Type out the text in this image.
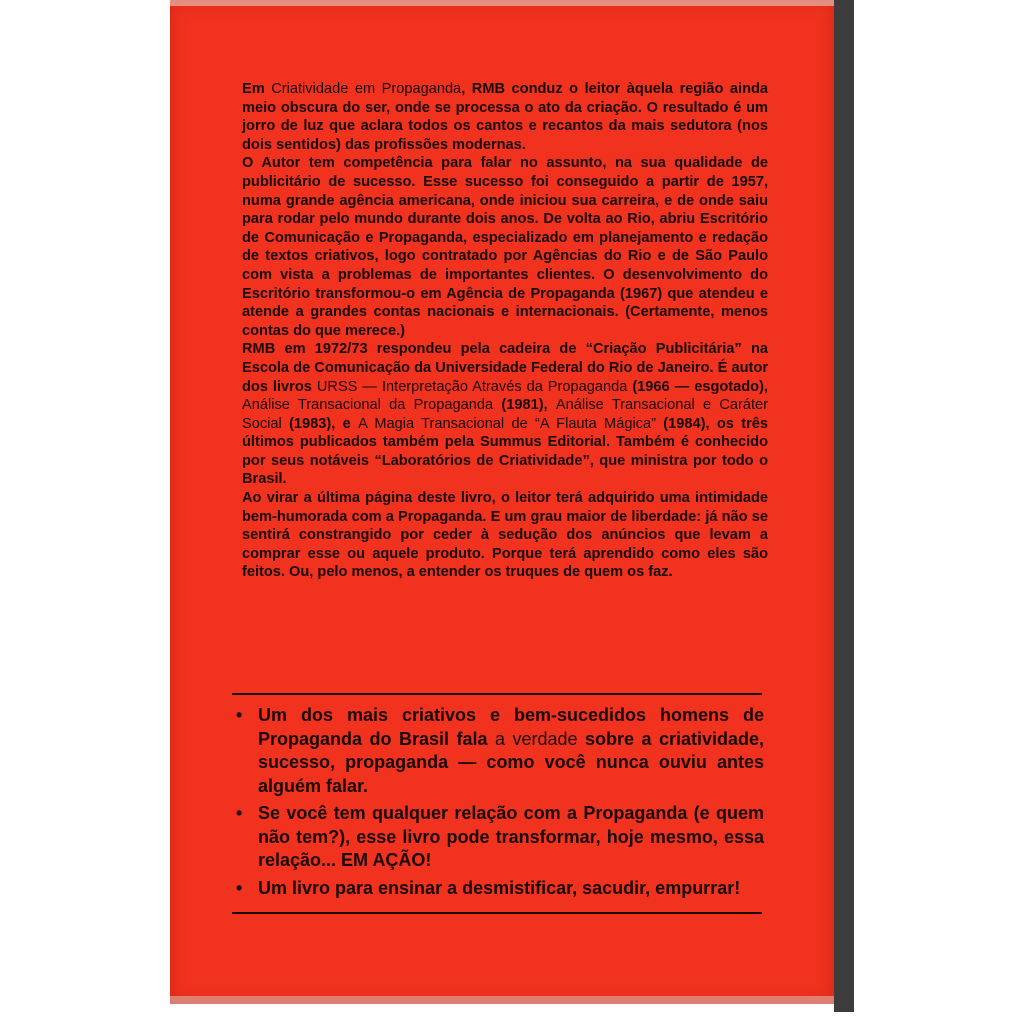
Em Criatividade em Propaganda, RMB conduz o leitor àquela região ainda meio obscura do ser, onde se processa o ato da criação. O resultado é um jorro de luz que aclara todos os cantos e recantos da mais sedutora (nos dois sentidos) das profissões modernas.

O Autor tem competência para falar no assunto, na sua qualidade de publicitário de sucesso. Esse sucesso foi conseguido a partir de 1957, numa grande agência americana, onde iniciou sua carreira, e de onde saiu para rodar pelo mundo durante dois anos. De volta ao Rio, abriu Escritório de Comunicação e Propaganda, especializado em planejamento e redação de textos criativos, logo contratado por Agências do Rio e de São Paulo com vista a problemas de importantes clientes. O desenvolvimento do Escritório transformou-o em Agência de Propaganda (1967) que atendeu e atende a grandes contas nacionais e internacionais. (Certamente, menos contas do que merece.)

RMB em 1972/73 respondeu pela cadeira de “Criação Publicitária” na Escola de Comunicação da Universidade Federal do Rio de Janeiro. É autor dos livros URSS — Interpretação Através da Propaganda (1966 — esgotado), Análise Transacional da Propaganda (1981), Análise Transacional e Caráter Social (1983), e A Magia Transacional de “A Flauta Mágica” (1984), os três últimos publicados também pela Summus Editorial. Também é conhecido por seus notáveis “Laboratórios de Criatividade”, que ministra por todo o Brasil.

Ao virar a última página deste livro, o leitor terá adquirido uma intimidade bem-humorada com a Propaganda. E um grau maior de liberdade: já não se sentirá constrangido por ceder à sedução dos anúncios que levam a comprar esse ou aquele produto. Porque terá aprendido como eles são feitos. Ou, pelo menos, a entender os truques de quem os faz.

• Um dos mais criativos e bem-sucedidos homens de Propaganda do Brasil fala a verdade sobre a criatividade, sucesso, propaganda — como você nunca ouviu antes alguém falar.
• Se você tem qualquer relação com a Propaganda (e quem não tem?), esse livro pode transformar, hoje mesmo, essa relação... EM AÇÃO!
• Um livro para ensinar a desmistificar, sacudir, empurrar!
